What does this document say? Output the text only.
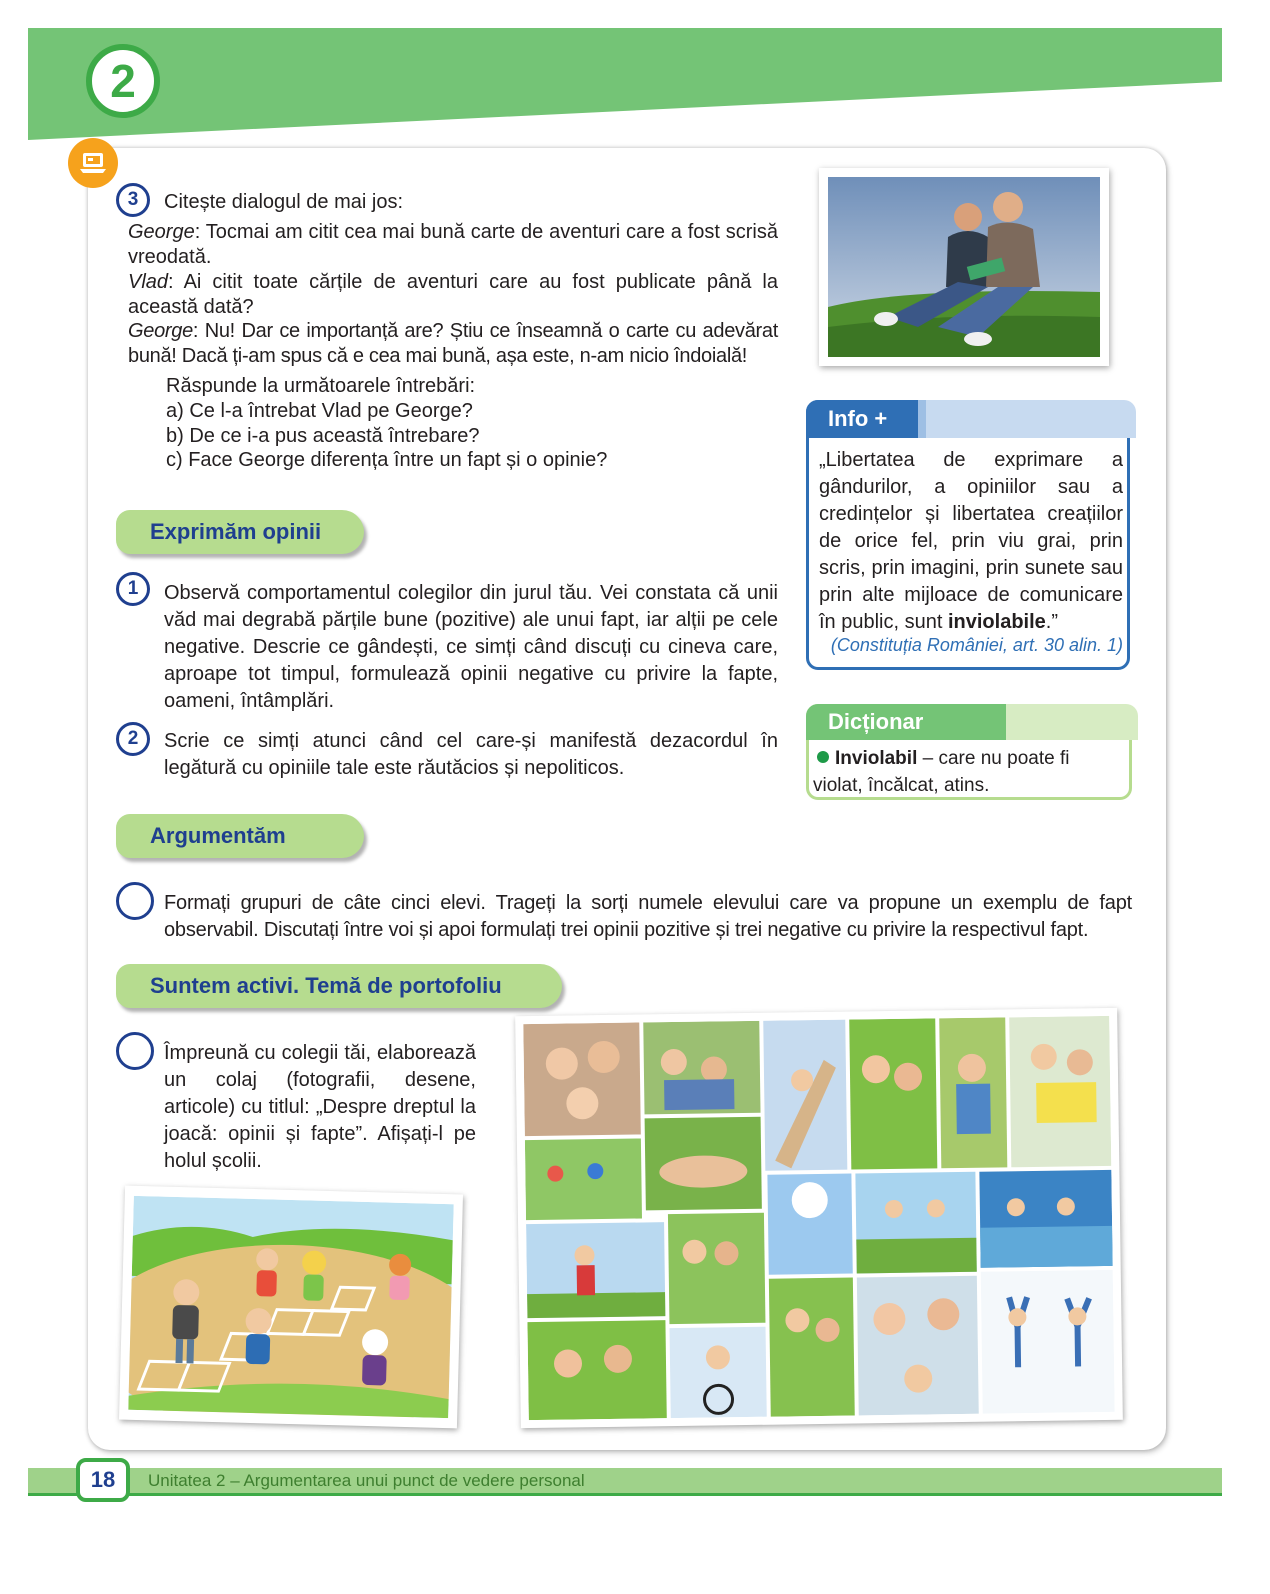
2
3	Citește dialogul de mai jos:
George: Tocmai am citit cea mai bună carte de aventuri care a fost scrisă vreodată.
Vlad: Ai citit toate cărțile de aventuri care au fost publicate până la această dată?
George: Nu! Dar ce importanță are? Știu ce înseamnă o carte cu adevărat bună! Dacă ți-am spus că e cea mai bună, așa este, n-am nicio îndoială!
Răspunde la următoarele întrebări:
a) Ce l-a întrebat Vlad pe George?
b) De ce i-a pus această întrebare?
c) Face George diferența între un fapt și o opinie?
Info +
„Libertatea de exprimare a gândurilor, a opiniilor sau a credințelor și libertatea creațiilor de orice fel, prin viu grai, prin scris, prin imagini, prin sunete sau prin alte mijloace de comunicare în public, sunt inviolabile.”
(Constituția României, art. 30 alin. 1)
Dicționar
Inviolabil – care nu poate fi violat, încălcat, atins.
Exprimăm opinii
1	Observă comportamentul colegilor din jurul tău. Vei constata că unii văd mai degrabă părțile bune (pozitive) ale unui fapt, iar alții pe cele negative. Descrie ce gândești, ce simți când discuți cu cineva care, aproape tot timpul, formulează opinii negative cu privire la fapte, oameni, întâmplări.
2	Scrie ce simți atunci când cel care-și manifestă dezacordul în legătură cu opiniile tale este răutăcios și nepoliticos.
Argumentăm
Formați grupuri de câte cinci elevi. Trageți la sorți numele elevului care va propune un exemplu de fapt observabil. Discutați între voi și apoi formulați trei opinii pozitive și trei negative cu privire la respectivul fapt.
Suntem activi. Temă de portofoliu
Împreună cu colegii tăi, elaborează un colaj (fotografii, desene, articole) cu titlul: „Despre dreptul la joacă: opinii și fapte”. Afișați-l pe holul școlii.
18	Unitatea 2 – Argumentarea unui punct de vedere personal
